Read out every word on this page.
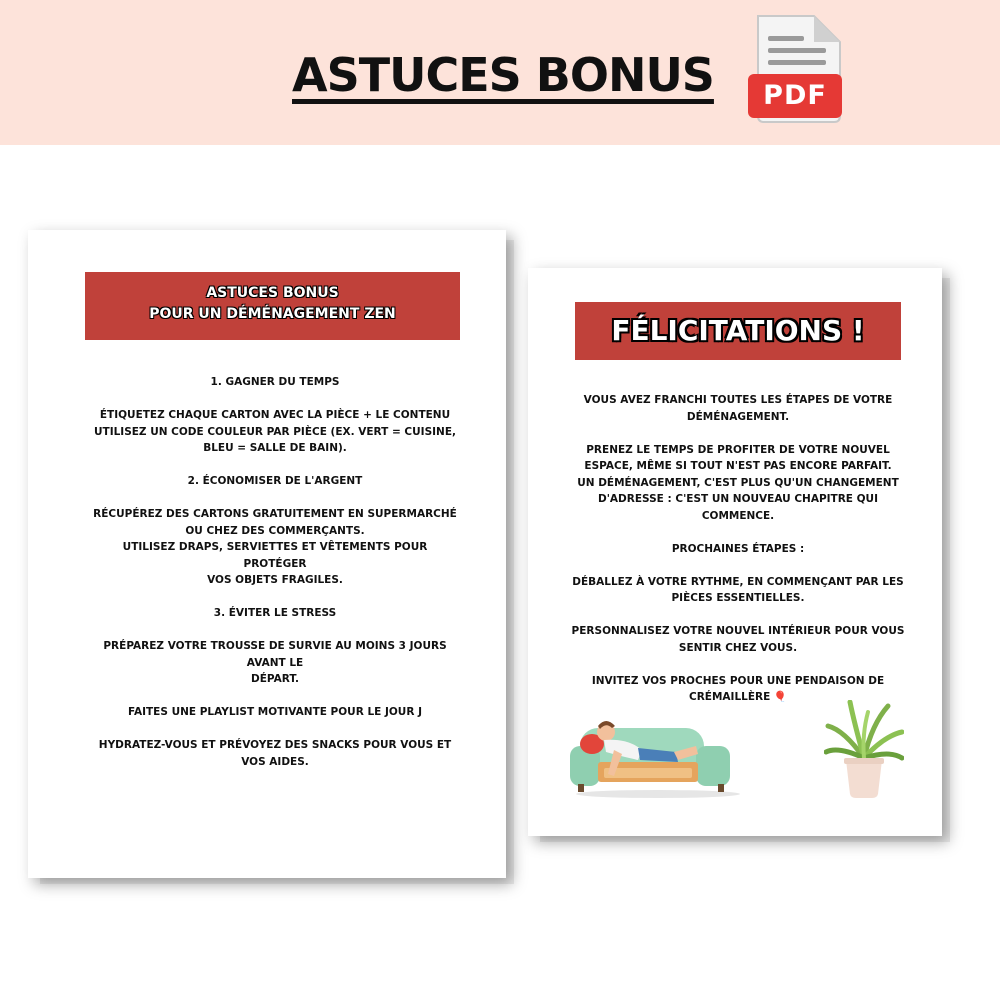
ASTUCES BONUS	PDF
ASTUCES BONUS
POUR UN DÉMÉNAGEMENT ZEN
1. GAGNER DU TEMPS
ÉTIQUETEZ CHAQUE CARTON AVEC LA PIÈCE + LE CONTENU
UTILISEZ UN CODE COULEUR PAR PIÈCE (EX. VERT = CUISINE,
BLEU = SALLE DE BAIN).
2. ÉCONOMISER DE L'ARGENT
RÉCUPÉREZ DES CARTONS GRATUITEMENT EN SUPERMARCHÉ
OU CHEZ DES COMMERÇANTS.
UTILISEZ DRAPS, SERVIETTES ET VÊTEMENTS POUR PROTÉGER
VOS OBJETS FRAGILES.
3. ÉVITER LE STRESS
PRÉPAREZ VOTRE TROUSSE DE SURVIE AU MOINS 3 JOURS
AVANT LE
DÉPART.
FAITES UNE PLAYLIST MOTIVANTE POUR LE JOUR J
HYDRATEZ-VOUS ET PRÉVOYEZ DES SNACKS POUR VOUS ET
VOS AIDES.
FÉLICITATIONS !
VOUS AVEZ FRANCHI TOUTES LES ÉTAPES DE VOTRE
DÉMÉNAGEMENT.
PRENEZ LE TEMPS DE PROFITER DE VOTRE NOUVEL
ESPACE, MÊME SI TOUT N'EST PAS ENCORE PARFAIT.
UN DÉMÉNAGEMENT, C'EST PLUS QU'UN CHANGEMENT
D'ADRESSE : C'EST UN NOUVEAU CHAPITRE QUI
COMMENCE.
PROCHAINES ÉTAPES :
DÉBALLEZ À VOTRE RYTHME, EN COMMENÇANT PAR LES
PIÈCES ESSENTIELLES.
PERSONNALISEZ VOTRE NOUVEL INTÉRIEUR POUR VOUS
SENTIR CHEZ VOUS.
INVITEZ VOS PROCHES POUR UNE PENDAISON DE
CRÉMAILLÈRE 🎈
